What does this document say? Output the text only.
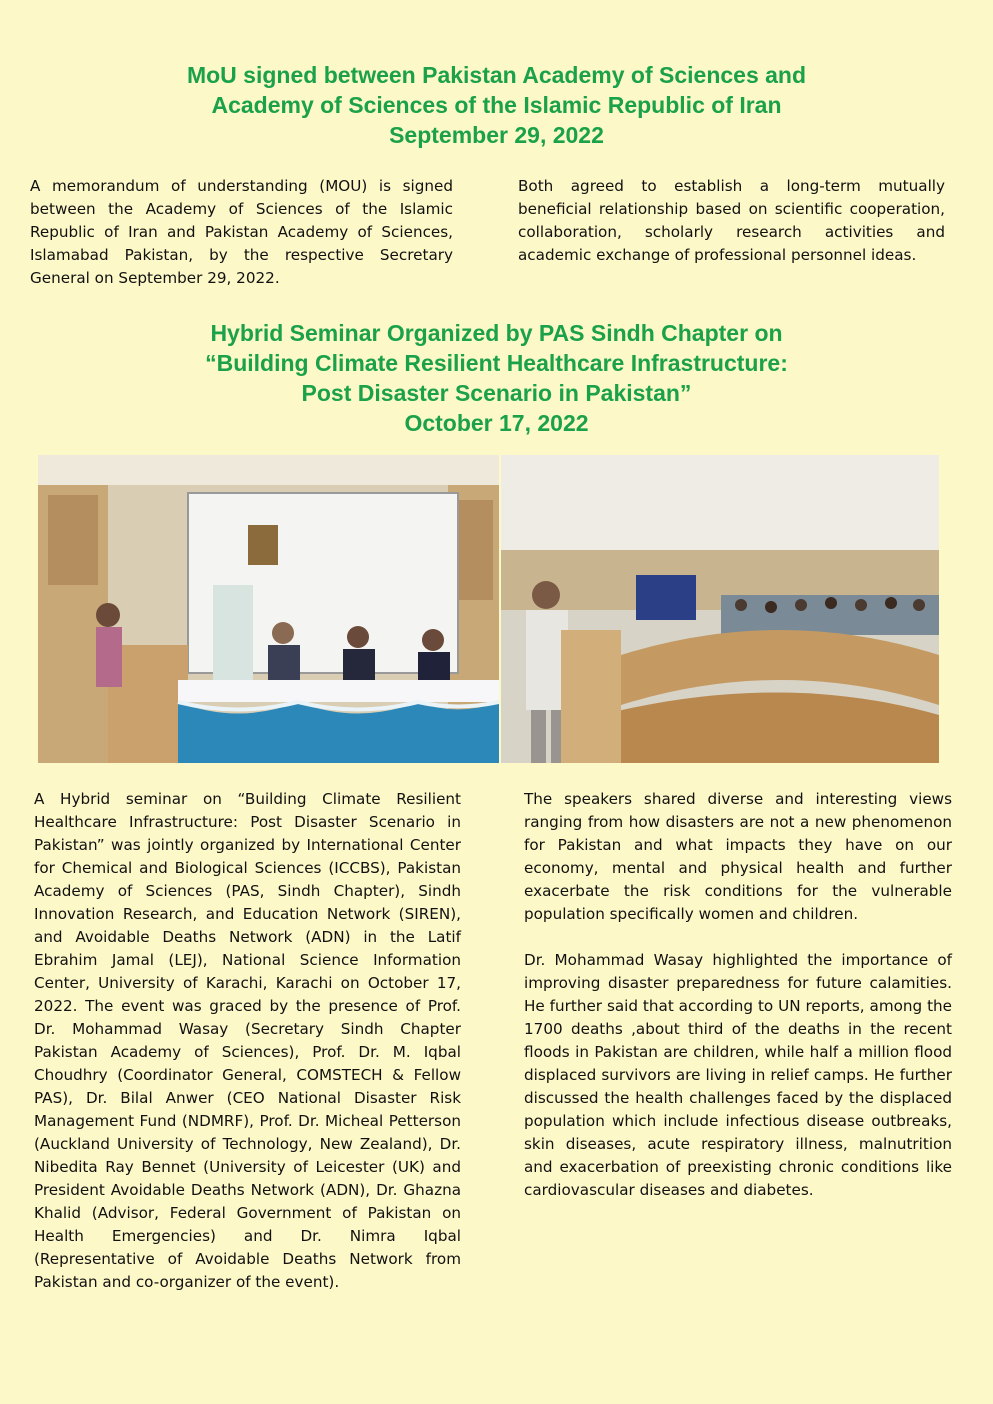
MoU signed between Pakistan Academy of Sciences and
Academy of Sciences of the Islamic Republic of Iran
September 29, 2022

A memorandum of understanding (MOU) is signed between the Academy of Sciences of the Islamic Republic of Iran and Pakistan Academy of Sciences, Islamabad Pakistan, by the respective Secretary General on September 29, 2022.

Both agreed to establish a long-term mutually beneficial relationship based on scientific cooperation, collaboration, scholarly research activities and academic exchange of professional personnel ideas.

Hybrid Seminar Organized by PAS Sindh Chapter on
“Building Climate Resilient Healthcare Infrastructure:
Post Disaster Scenario in Pakistan”
October 17, 2022

A Hybrid seminar on “Building Climate Resilient Healthcare Infrastructure: Post Disaster Scenario in Pakistan” was jointly organized by International Center for Chemical and Biological Sciences (ICCBS), Pakistan Academy of Sciences (PAS, Sindh Chapter), Sindh Innovation Research, and Education Network (SIREN), and Avoidable Deaths Network (ADN) in the Latif Ebrahim Jamal (LEJ), National Science Information Center, University of Karachi, Karachi on October 17, 2022. The event was graced by the presence of Prof. Dr. Mohammad Wasay (Secretary Sindh Chapter Pakistan Academy of Sciences), Prof. Dr. M. Iqbal Choudhry (Coordinator General, COMSTECH & Fellow PAS), Dr. Bilal Anwer (CEO National Disaster Risk Management Fund (NDMRF), Prof. Dr. Micheal Petterson (Auckland University of Technology, New Zealand), Dr. Nibedita Ray Bennet (University of Leicester (UK) and President Avoidable Deaths Network (ADN), Dr. Ghazna Khalid (Advisor, Federal Government of Pakistan on Health Emergencies) and Dr. Nimra Iqbal (Representative of Avoidable Deaths Network from Pakistan and co-organizer of the event).

The speakers shared diverse and interesting views ranging from how disasters are not a new phenomenon for Pakistan and what impacts they have on our economy, mental and physical health and further exacerbate the risk conditions for the vulnerable population specifically women and children.

Dr. Mohammad Wasay highlighted the importance of improving disaster preparedness for future calamities. He further said that according to UN reports, among the 1700 deaths ,about third of the deaths in the recent floods in Pakistan are children, while half a million flood displaced survivors are living in relief camps. He further discussed the health challenges faced by the displaced population which include infectious disease outbreaks, skin diseases, acute respiratory illness, malnutrition and exacerbation of preexisting chronic conditions like cardiovascular diseases and diabetes.
